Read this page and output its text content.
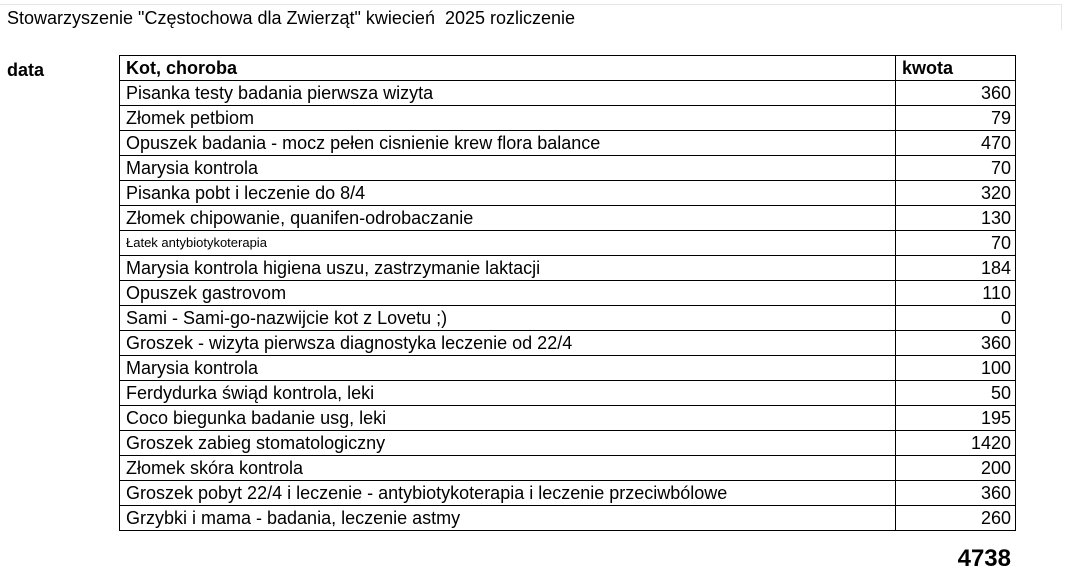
Stowarzyszenie "Częstochowa dla Zwierząt" kwiecień  2025 rozliczenie
data	Kot, choroba	kwota
Pisanka testy badania pierwsza wizyta	360
Złomek petbiom	79
Opuszek badania - mocz pełen cisnienie krew flora balance	470
Marysia kontrola	70
Pisanka pobt i leczenie do 8/4	320
Złomek chipowanie, quanifen-odrobaczanie	130
Łatek antybiotykoterapia	70
Marysia kontrola higiena uszu, zastrzymanie laktacji	184
Opuszek gastrovom	110
Sami - Sami-go-nazwijcie kot z Lovetu ;)	0
Groszek - wizyta pierwsza diagnostyka leczenie od 22/4	360
Marysia kontrola	100
Ferdydurka świąd kontrola, leki	50
Coco biegunka badanie usg, leki	195
Groszek zabieg stomatologiczny	1420
Złomek skóra kontrola	200
Groszek pobyt 22/4 i leczenie - antybiotykoterapia i leczenie przeciwbólowe	360
Grzybki i mama - badania, leczenie astmy	260
4738
